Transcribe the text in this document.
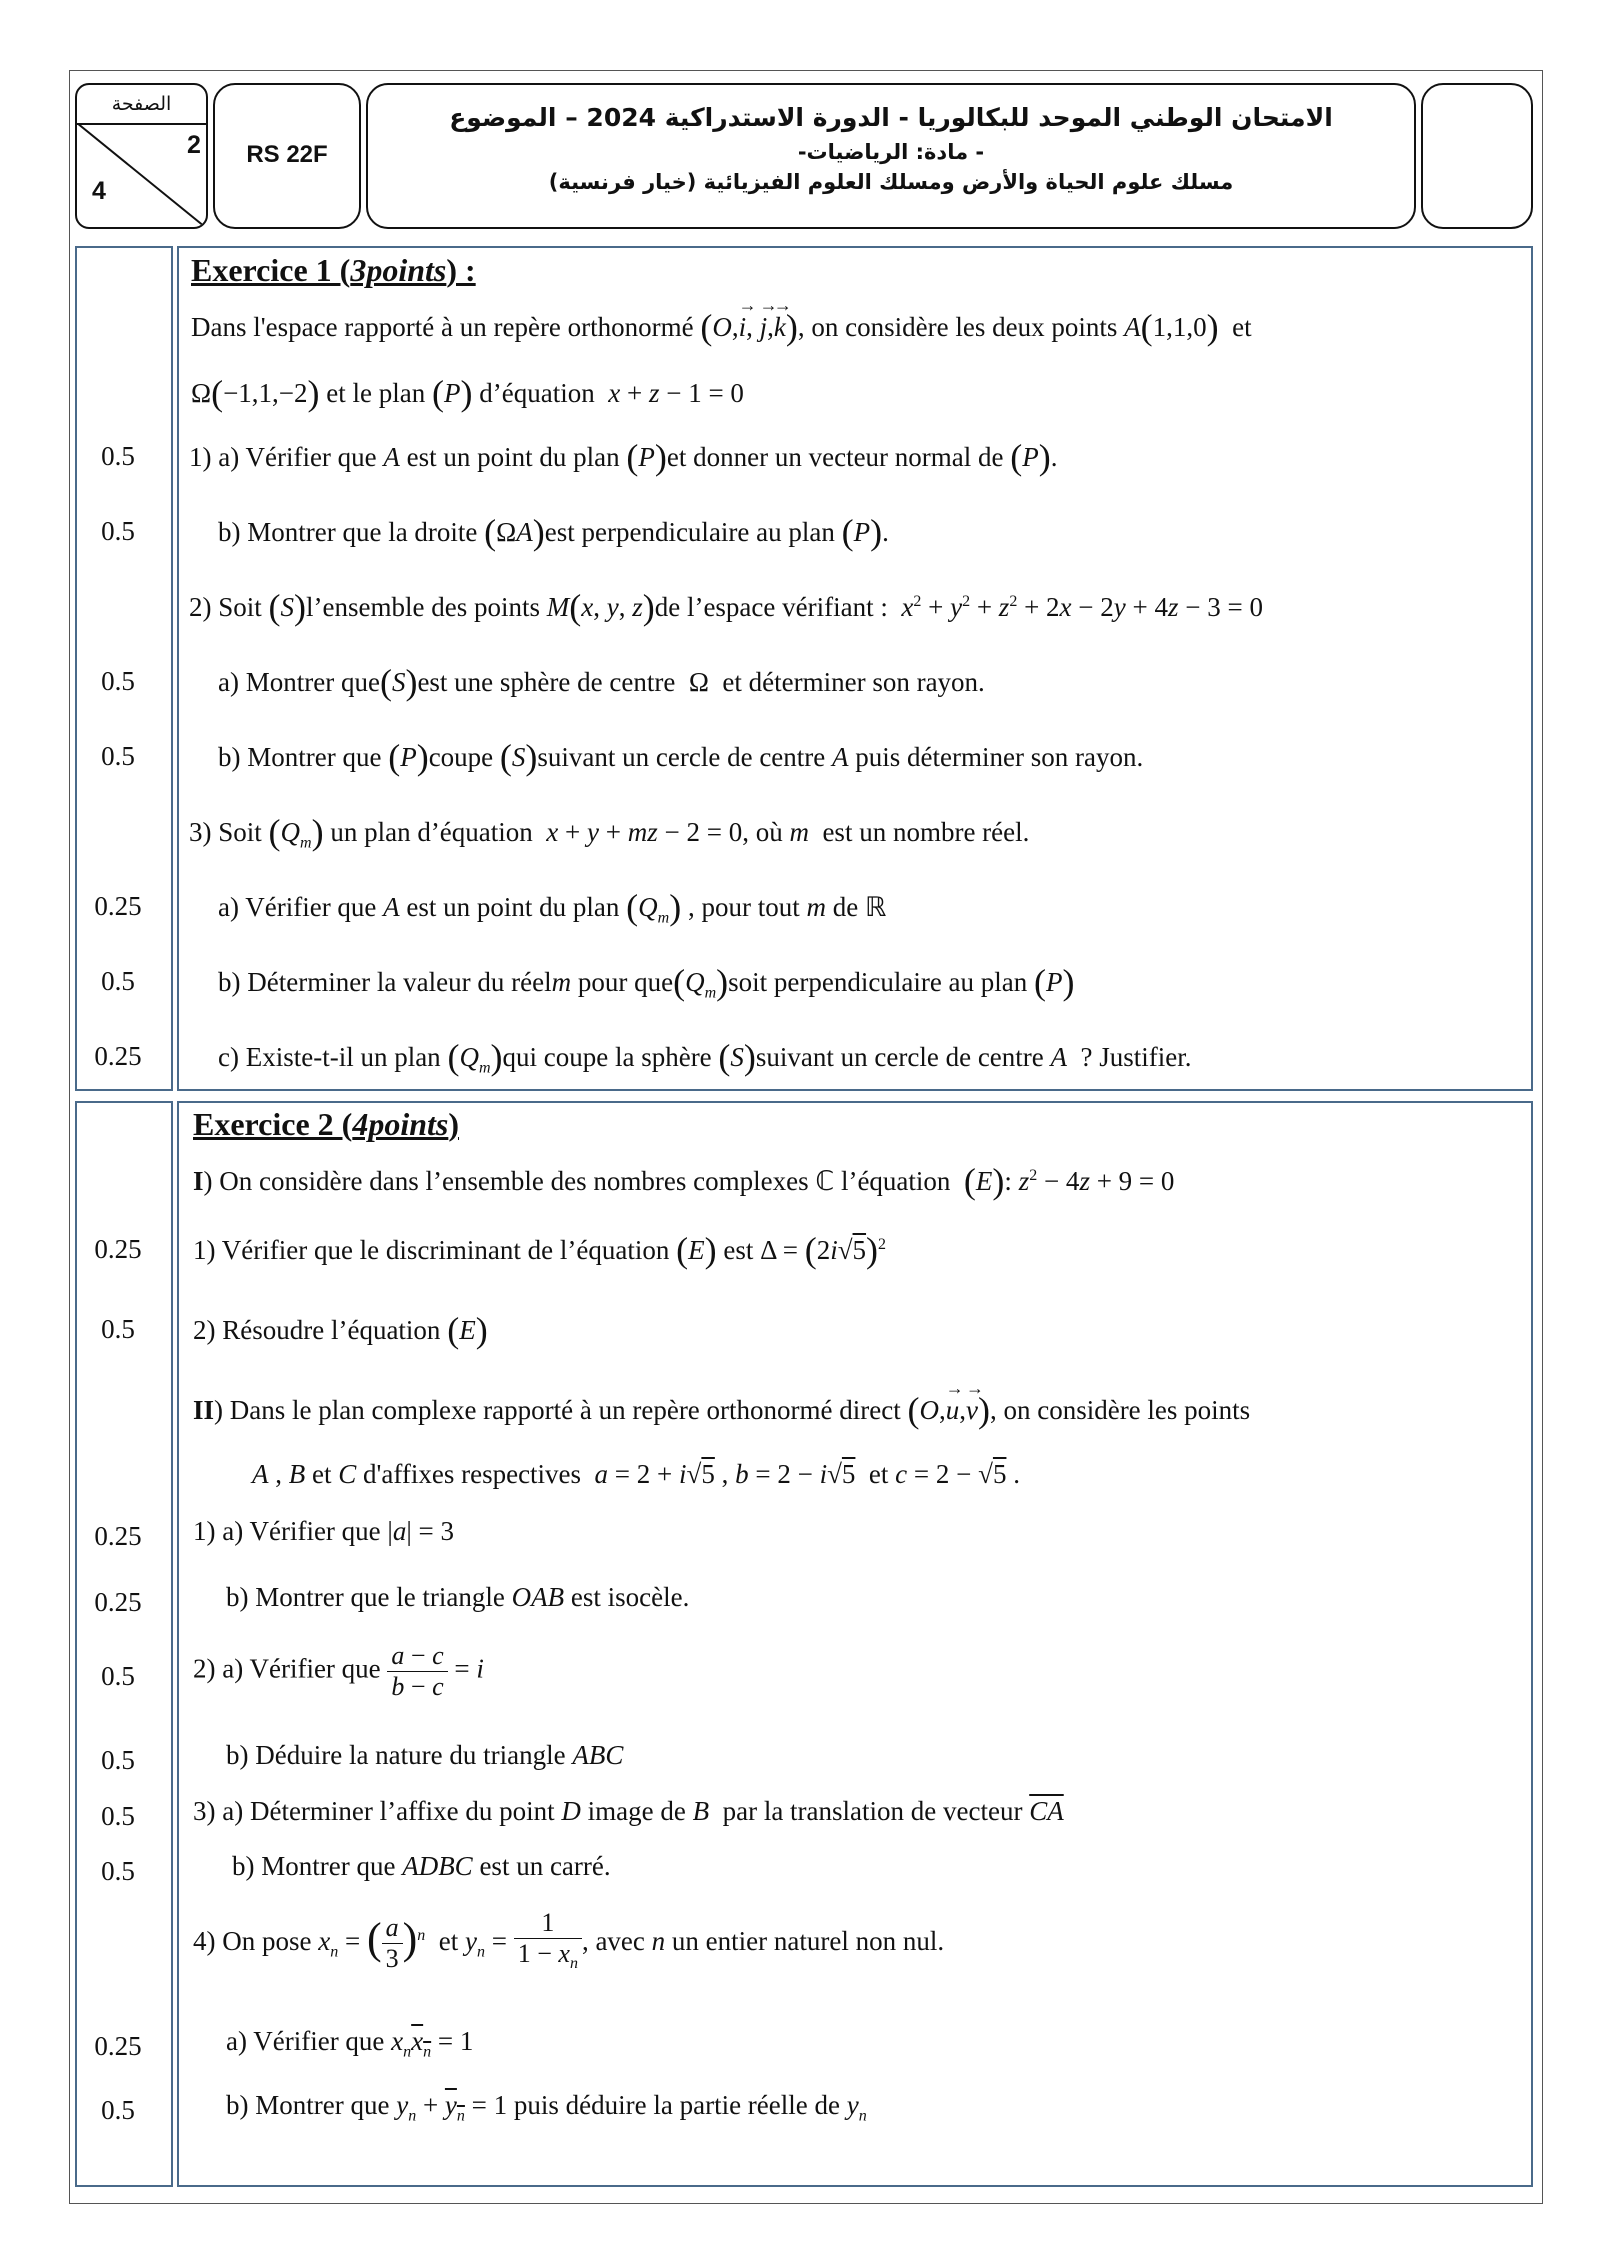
الصفحة
2
4
RS 22F
الامتحان الوطني الموحد للبكالوريا - الدورة الاستدراكية 2024 – الموضوع
- مادة: الرياضيات-
مسلك علوم الحياة والأرض ومسلك العلوم الفيزيائية (خيار فرنسية)
Exercice 1 (3points) :
Dans l'espace rapporté à un repère orthonormé (O,→ i, → j,→ k), on considère les deux points A(1,1,0) et
Ω(−1,1,−2) et le plan (P) d’équation x + z − 1 = 0
1) a) Vérifier que A est un point du plan (P)et donner un vecteur normal de (P).
b) Montrer que la droite (ΩA)est perpendiculaire au plan (P).
2) Soit (S)l’ensemble des points M(x, y, z)de l’espace vérifiant : $x^2 + y^2 + z^2 + 2x - 2y + 4z - 3 = 0$
a) Montrer que(S)est une sphère de centre  Ω  et déterminer son rayon.
b) Montrer que (P)coupe (S)suivant un cercle de centre A puis déterminer son rayon.
3) Soit $(Q_m)$ un plan d’équation x + y + mz − 2 = 0, où m est un nombre réel.
a) Vérifier que A est un point du plan $(Q_m)$ , pour tout m de ℝ
b) Déterminer la valeur du réelm pour $que(Q_m)soit$ perpendiculaire au plan (P)
c) Existe-t-il un plan $(Q_m)qui$ coupe la sphère (S)suivant un cercle de centre A ? Justifier.
0.5
0.5
0.5
0.5
0.25
0.5
0.25
Exercice 2 (4points)
I) On considère dans l’ensemble des nombres complexes ℂ l’équation (E): $z^2 - 4z + 9 = 0$
1) Vérifier que le discriminant de l’équation (E) est $\Delta = (2i√5)^2$
2) Résoudre l’équation (E)
II) Dans le plan complexe rapporté à un repère orthonormé direct (O,→ u,→ v), on considère les points
A , B et C d'affixes respectives a = 2 + i√5 , b = 2 − i√5 et c = 2 − √5 .
1) a) Vérifier que |a| = 3
b) Montrer que le triangle OAB est isocèle.
2) a) Vérifier que $\frac{a - c}{b - c} = i$
b) Déduire la nature du triangle ABC
3) a) Déterminer l’affixe du point D image de B par la translation de vecteur $\overline{CA}$
b) Montrer que ADBC est un carré.
4) On pose $x_n$ = ( $\frac{a}{3} )^n$ et $y_n = \frac{1}{1 - x_n}$ , avec n un entier naturel non nul.
a) Vérifier que $x_nx_n = 1$
b) Montrer que $y_n + y_n = 1$ puis déduire la partie réelle de $y_n$
0.25
0.5
0.25
0.25
0.5
0.5
0.5
0.5
0.25
0.5
